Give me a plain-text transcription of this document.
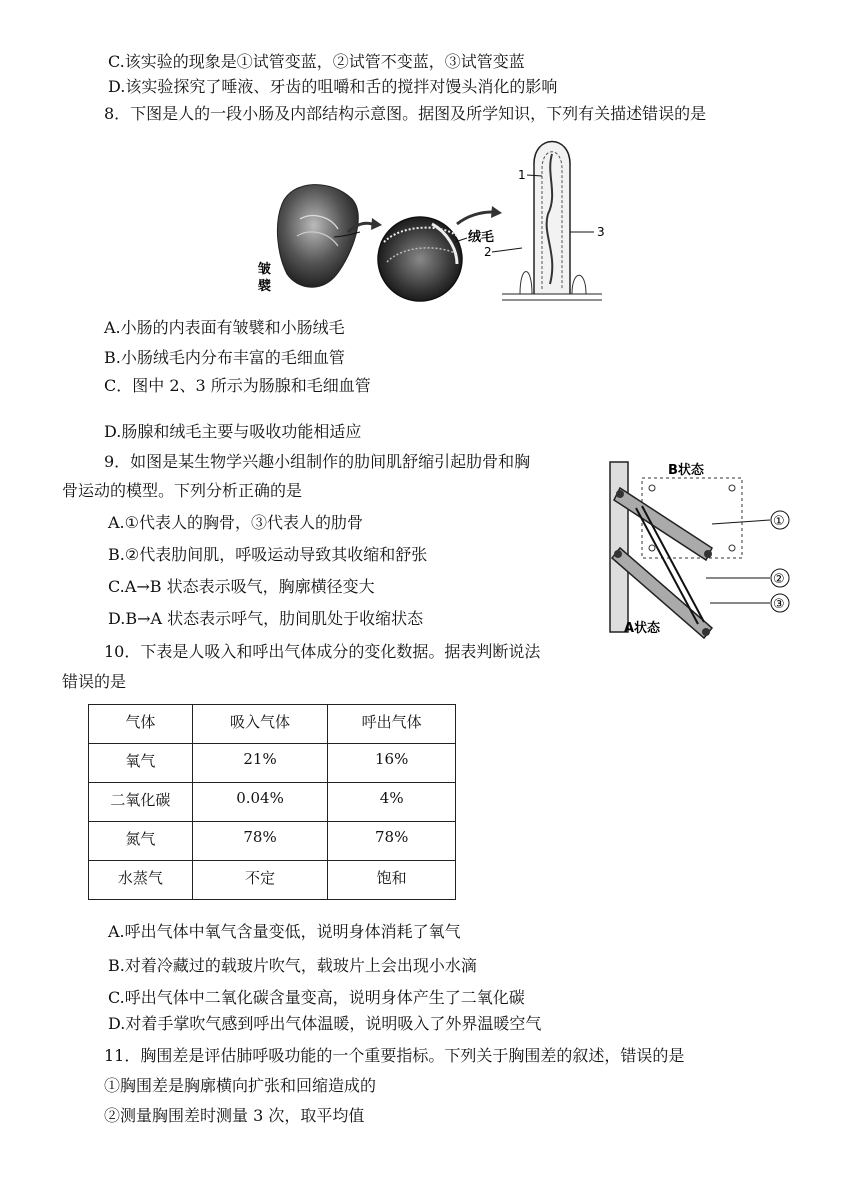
C.该实验的现象是①试管变蓝，②试管不变蓝，③试管变蓝
D.该实验探究了唾液、牙齿的咀嚼和舌的搅拌对馒头消化的影响
8．下图是人的一段小肠及内部结构示意图。据图及所学知识，下列有关描述错误的是
皱
襞
绒毛
1
2
3
A.小肠的内表面有皱襞和小肠绒毛
B.小肠绒毛内分布丰富的毛细血管
C．图中 2、3 所示为肠腺和毛细血管
D.肠腺和绒毛主要与吸收功能相适应
9．如图是某生物学兴趣小组制作的肋间肌舒缩引起肋骨和胸
骨运动的模型。下列分析正确的是
A.①代表人的胸骨，③代表人的肋骨
B.②代表肋间肌，呼吸运动导致其收缩和舒张
C.A→B 状态表示吸气，胸廓横径变大
D.B→A 状态表示呼气，肋间肌处于收缩状态
B状态
①
②
③
A状态
10．下表是人吸入和呼出气体成分的变化数据。据表判断说法
错误的是
气体	吸入气体	呼出气体

氧气	21%	16%

二氧化碳	0.04%	4%

氮气	78%	78%

水蒸气	不定	饱和
A.呼出气体中氧气含量变低，说明身体消耗了氧气
B.对着冷藏过的载玻片吹气，载玻片上会出现小水滴
C.呼出气体中二氧化碳含量变高，说明身体产生了二氧化碳
D.对着手掌吹气感到呼出气体温暖，说明吸入了外界温暖空气
11．胸围差是评估肺呼吸功能的一个重要指标。下列关于胸围差的叙述，错误的是
①胸围差是胸廓横向扩张和回缩造成的
②测量胸围差时测量 3 次，取平均值
